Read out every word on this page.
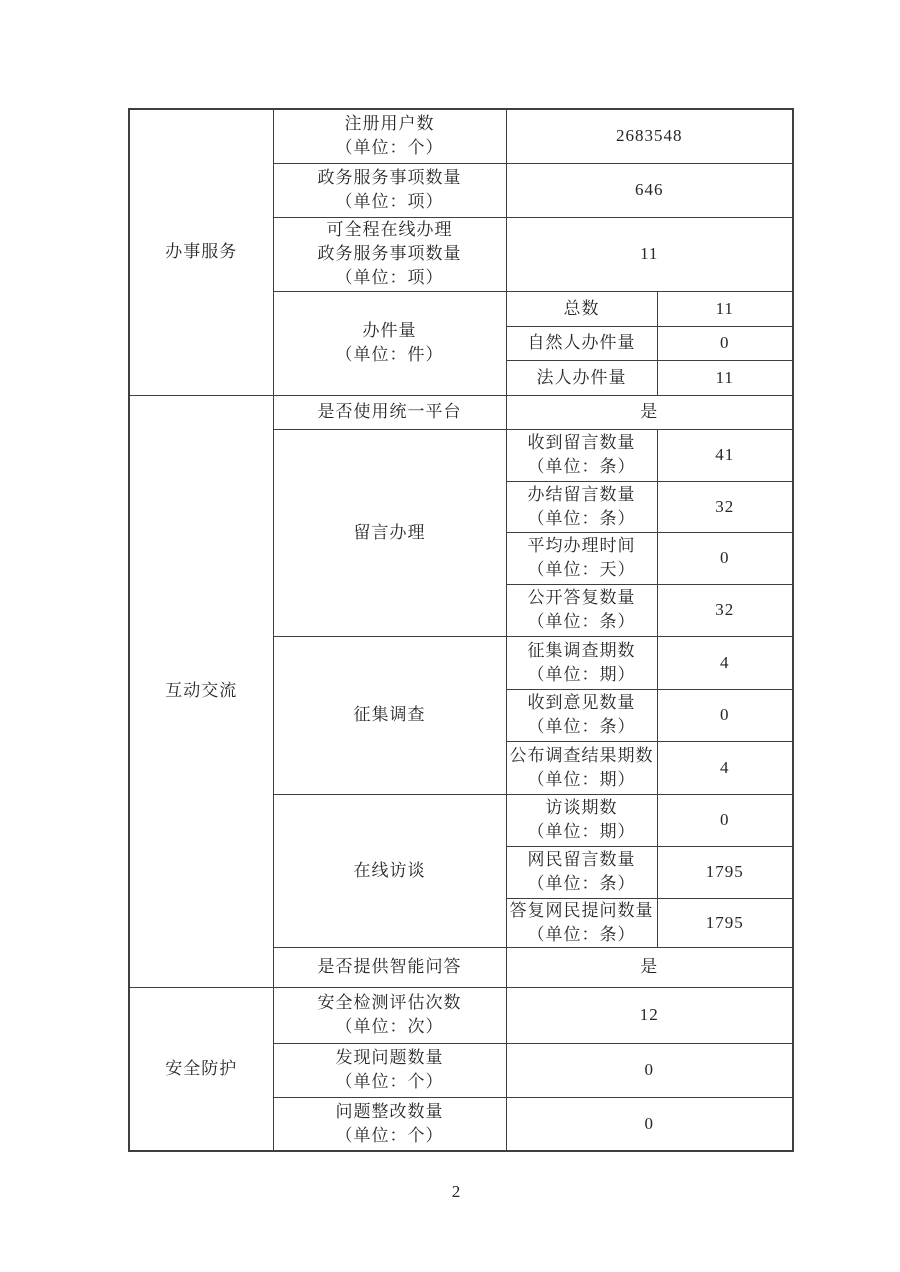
办事服务	注册用户数
（单位：个）	2683548	

	政务服务事项数量
（单位：项）	646	

	可全程在线办理
政务服务事项数量
（单位：项）	11	

	办件量
（单位：件）	总数	11
		自然人办件量	0
		法人办件量	11
互动交流	是否使用统一平台	是	
	留言办理	收到留言数量
（单位：条）	41

		办结留言数量
（单位：条）	32

		平均办理时间
（单位：天）	0

		公开答复数量
（单位：条）	32
	征集调查	征集调查期数
（单位：期）	4

		收到意见数量
（单位：条）	0

		公布调查结果期数
（单位：期）	4
	在线访谈	访谈期数
（单位：期）	0

		网民留言数量
（单位：条）	1795

		答复网民提问数量
（单位：条）	1795
	是否提供智能问答	是	
安全防护	安全检测评估次数
（单位：次）	12	

	发现问题数量
（单位：个）	0	

	问题整改数量
（单位：个）	0	
2
